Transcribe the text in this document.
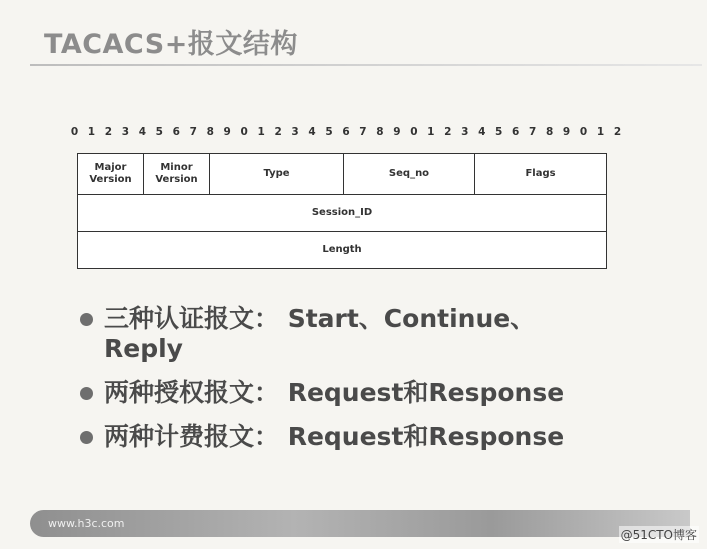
TACACS+报文结构
0 1 2 3 4 5 6 7 8 9 0 1 2 3 4 5 6 7 8 9 0 1 2 3 4 5 6 7 8 9 0 1 2
Major
Version
Minor
Version
Type	Seq_no	Flags
Session_ID
Length
三种认证报文： Start、Continue、
Reply
两种授权报文： Request和Response
两种计费报文： Request和Response
www.h3c.com
@51CTO博客
